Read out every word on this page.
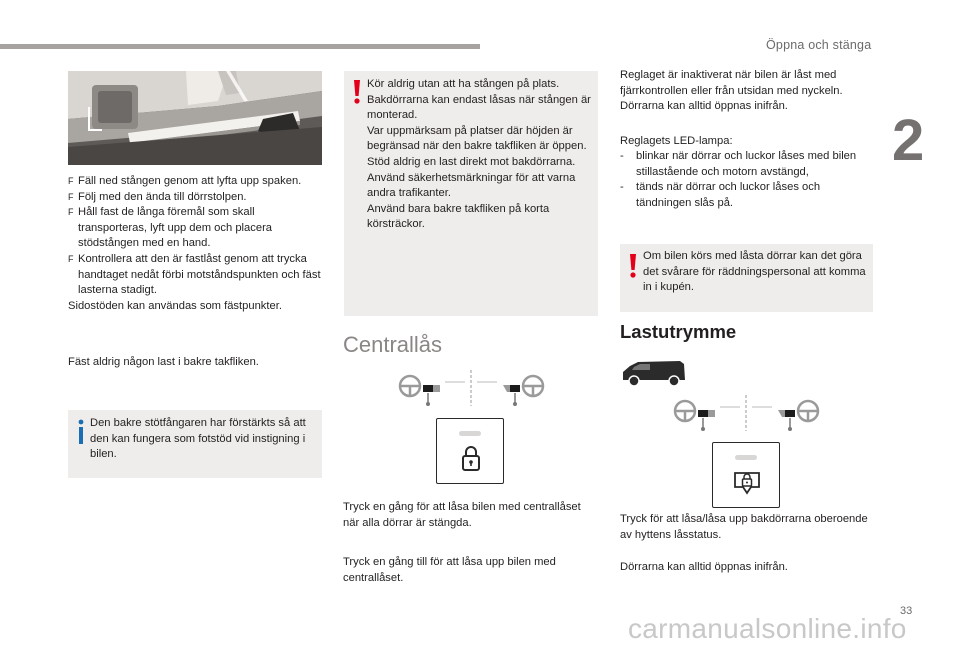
Öppna och stänga
2
33
F Fäll ned stången genom att lyfta upp spaken.
F Följ med den ända till dörrstolpen.
F Håll fast de långa föremål som skall transporteras, lyft upp dem och placera stödstången med en hand.
F Kontrollera att den är fastlåst genom att trycka handtaget nedåt förbi motståndspunkten och fäst lasterna stadigt.
Sidostöden kan användas som fästpunkter.

Fäst aldrig någon last i bakre takfliken.

Den bakre stötfångaren har förstärkts så att den kan fungera som fotstöd vid instigning i bilen.
Kör aldrig utan att ha stången på plats. Bakdörrarna kan endast låsas när stången är monterad.
Var uppmärksam på platser där höjden är begränsad när den bakre takfliken är öppen.
Stöd aldrig en last direkt mot bakdörrarna. Använd säkerhetsmärkningar för att varna andra trafikanter.
Använd bara bakre takfliken på korta körsträckor.
Centrallås

Tryck en gång för att låsa bilen med centrallåset när alla dörrar är stängda.

Tryck en gång till för att låsa upp bilen med centrallåset.

Reglaget är inaktiverat när bilen är låst med fjärrkontrollen eller från utsidan med nyckeln. Dörrarna kan alltid öppnas inifrån.

Reglagets LED-lampa:

- blinkar när dörrar och luckor låses med bilen stillastående och motorn avstängd,
- tänds när dörrar och luckor låses och tändningen slås på.
Om bilen körs med låsta dörrar kan det göra det svårare för räddningspersonal att komma in i kupén.
Lastutrymme

Tryck för att låsa/låsa upp bakdörrarna oberoende av hyttens låsstatus.

Dörrarna kan alltid öppnas inifrån.

carmanualsonline.info
